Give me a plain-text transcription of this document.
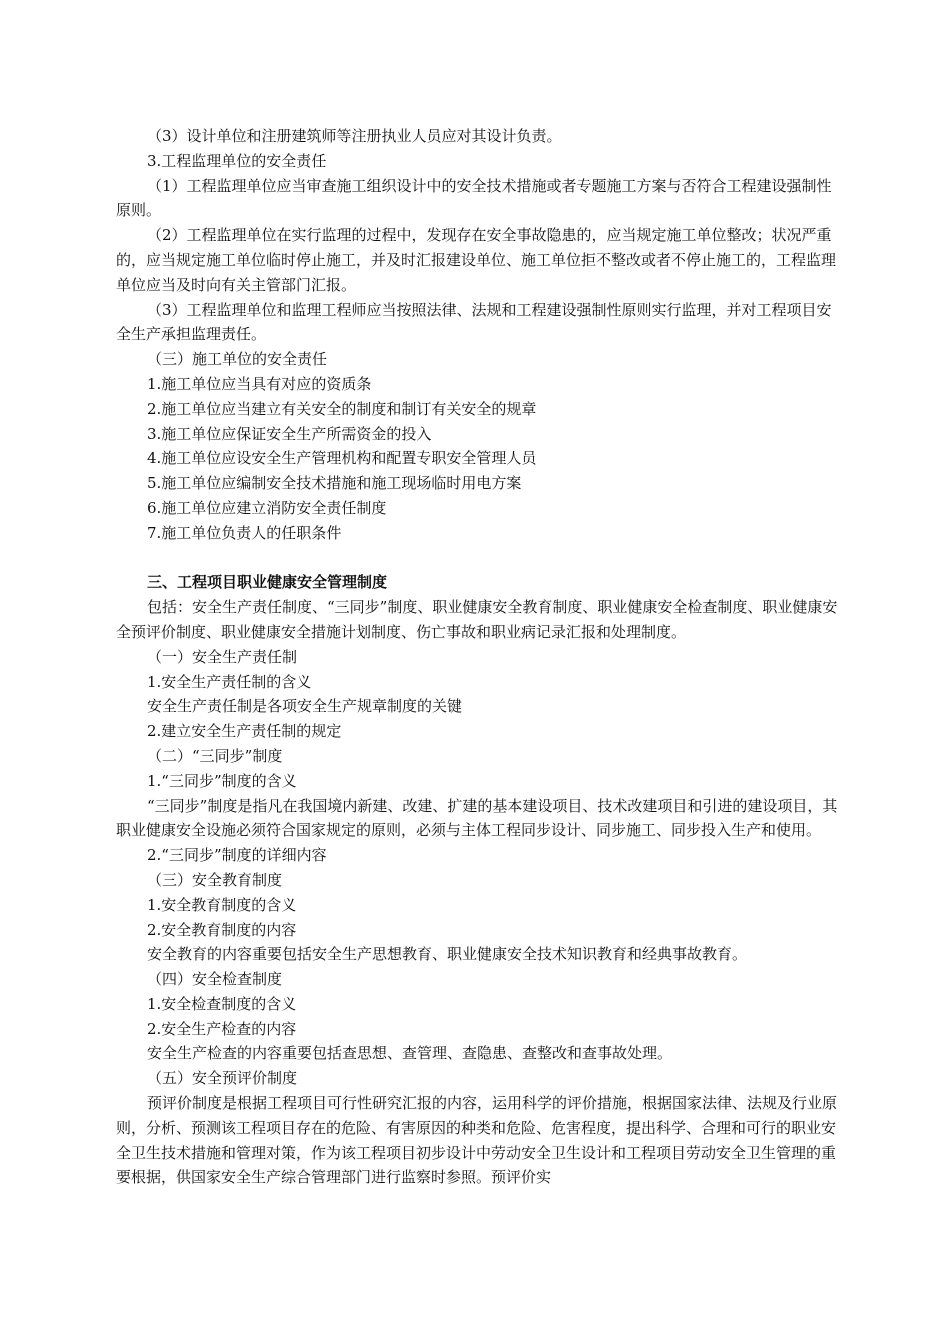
（3）设计单位和注册建筑师等注册执业人员应对其设计负责。

3.工程监理单位的安全责任

（1）工程监理单位应当审查施工组织设计中的安全技术措施或者专题施工方案与否符合工程建设强制性原则。

（2）工程监理单位在实行监理的过程中，发现存在安全事故隐患的，应当规定施工单位整改；状况严重的，应当规定施工单位临时停止施工，并及时汇报建设单位、施工单位拒不整改或者不停止施工的，工程监理单位应当及时向有关主管部门汇报。

（3）工程监理单位和监理工程师应当按照法律、法规和工程建设强制性原则实行监理，并对工程项目安全生产承担监理责任。

（三）施工单位的安全责任

1.施工单位应当具有对应的资质条

2.施工单位应当建立有关安全的制度和制订有关安全的规章

3.施工单位应保证安全生产所需资金的投入

4.施工单位应设安全生产管理机构和配置专职安全管理人员

5.施工单位应编制安全技术措施和施工现场临时用电方案

6.施工单位应建立消防安全责任制度

7.施工单位负责人的任职条件

三、工程项目职业健康安全管理制度

包括：安全生产责任制度、“三同步”制度、职业健康安全教育制度、职业健康安全检查制度、职业健康安全预评价制度、职业健康安全措施计划制度、伤亡事故和职业病记录汇报和处理制度。

（一）安全生产责任制

1.安全生产责任制的含义

安全生产责任制是各项安全生产规章制度的关键

2.建立安全生产责任制的规定

（二）“三同步”制度

1.“三同步”制度的含义

“三同步”制度是指凡在我国境内新建、改建、扩建的基本建设项目、技术改建项目和引进的建设项目，其职业健康安全设施必须符合国家规定的原则，必须与主体工程同步设计、同步施工、同步投入生产和使用。

2.“三同步”制度的详细内容

（三）安全教育制度

1.安全教育制度的含义

2.安全教育制度的内容

安全教育的内容重要包括安全生产思想教育、职业健康安全技术知识教育和经典事故教育。

（四）安全检查制度

1.安全检查制度的含义

2.安全生产检查的内容

安全生产检查的内容重要包括查思想、查管理、查隐患、查整改和查事故处理。

（五）安全预评价制度

预评价制度是根据工程项目可行性研究汇报的内容，运用科学的评价措施，根据国家法律、法规及行业原则，分析、预测该工程项目存在的危险、有害原因的种类和危险、危害程度，提出科学、合理和可行的职业安全卫生技术措施和管理对策，作为该工程项目初步设计中劳动安全卫生设计和工程项目劳动安全卫生管理的重要根据，供国家安全生产综合管理部门进行监察时参照。预评价实
